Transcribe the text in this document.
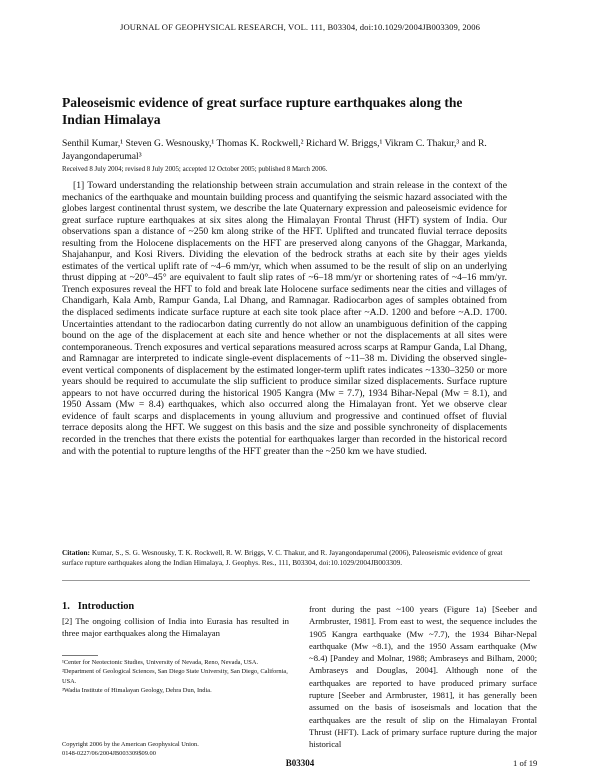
JOURNAL OF GEOPHYSICAL RESEARCH, VOL. 111, B03304, doi:10.1029/2004JB003309, 2006
Paleoseismic evidence of great surface rupture earthquakes along the Indian Himalaya
Senthil Kumar,¹ Steven G. Wesnousky,¹ Thomas K. Rockwell,² Richard W. Briggs,¹ Vikram C. Thakur,³ and R. Jayangondaperumal³
Received 8 July 2004; revised 8 July 2005; accepted 12 October 2005; published 8 March 2006.
[1] Toward understanding the relationship between strain accumulation and strain release in the context of the mechanics of the earthquake and mountain building process and quantifying the seismic hazard associated with the globes largest continental thrust system, we describe the late Quaternary expression and paleoseismic evidence for great surface rupture earthquakes at six sites along the Himalayan Frontal Thrust (HFT) system of India. Our observations span a distance of ~250 km along strike of the HFT. Uplifted and truncated fluvial terrace deposits resulting from the Holocene displacements on the HFT are preserved along canyons of the Ghaggar, Markanda, Shajahanpur, and Kosi Rivers. Dividing the elevation of the bedrock straths at each site by their ages yields estimates of the vertical uplift rate of ~4–6 mm/yr, which when assumed to be the result of slip on an underlying thrust dipping at ~20°–45° are equivalent to fault slip rates of ~6–18 mm/yr or shortening rates of ~4–16 mm/yr. Trench exposures reveal the HFT to fold and break late Holocene surface sediments near the cities and villages of Chandigarh, Kala Amb, Rampur Ganda, Lal Dhang, and Ramnagar. Radiocarbon ages of samples obtained from the displaced sediments indicate surface rupture at each site took place after ~A.D. 1200 and before ~A.D. 1700. Uncertainties attendant to the radiocarbon dating currently do not allow an unambiguous definition of the capping bound on the age of the displacement at each site and hence whether or not the displacements at all sites were contemporaneous. Trench exposures and vertical separations measured across scarps at Rampur Ganda, Lal Dhang, and Ramnagar are interpreted to indicate single-event displacements of ~11–38 m. Dividing the observed single-event vertical components of displacement by the estimated longer-term uplift rates indicates ~1330–3250 or more years should be required to accumulate the slip sufficient to produce similar sized displacements. Surface rupture appears to not have occurred during the historical 1905 Kangra (Mw = 7.7), 1934 Bihar-Nepal (Mw = 8.1), and 1950 Assam (Mw = 8.4) earthquakes, which also occurred along the Himalayan front. Yet we observe clear evidence of fault scarps and displacements in young alluvium and progressive and continued offset of fluvial terrace deposits along the HFT. We suggest on this basis and the size and possible synchroneity of displacements recorded in the trenches that there exists the potential for earthquakes larger than recorded in the historical record and with the potential to rupture lengths of the HFT greater than the ~250 km we have studied.
Citation: Kumar, S., S. G. Wesnousky, T. K. Rockwell, R. W. Briggs, V. C. Thakur, and R. Jayangondaperumal (2006), Paleoseismic evidence of great surface rupture earthquakes along the Indian Himalaya, J. Geophys. Res., 111, B03304, doi:10.1029/2004JB003309.
1. Introduction
[2] The ongoing collision of India into Eurasia has resulted in three major earthquakes along the Himalayan
front during the past ~100 years (Figure 1a) [Seeber and Armbruster, 1981]. From east to west, the sequence includes the 1905 Kangra earthquake (Mw ~7.7), the 1934 Bihar-Nepal earthquake (Mw ~8.1), and the 1950 Assam earthquake (Mw ~8.4) [Pandey and Molnar, 1988; Ambraseys and Bilham, 2000; Ambraseys and Douglas, 2004]. Although none of the earthquakes are reported to have produced primary surface rupture [Seeber and Armbruster, 1981], it has generally been assumed on the basis of isoseismals and location that the earthquakes are the result of slip on the Himalayan Frontal Thrust (HFT). Lack of primary surface rupture during the major historical

¹Center for Neotectonic Studies, University of Nevada, Reno, Nevada, USA.

²Department of Geological Sciences, San Diego State University, San Diego, California, USA.

³Wadia Institute of Himalayan Geology, Dehra Dun, India.

Copyright 2006 by the American Geophysical Union.
0148-0227/06/2004JB003309$09.00
B03304	1 of 19
